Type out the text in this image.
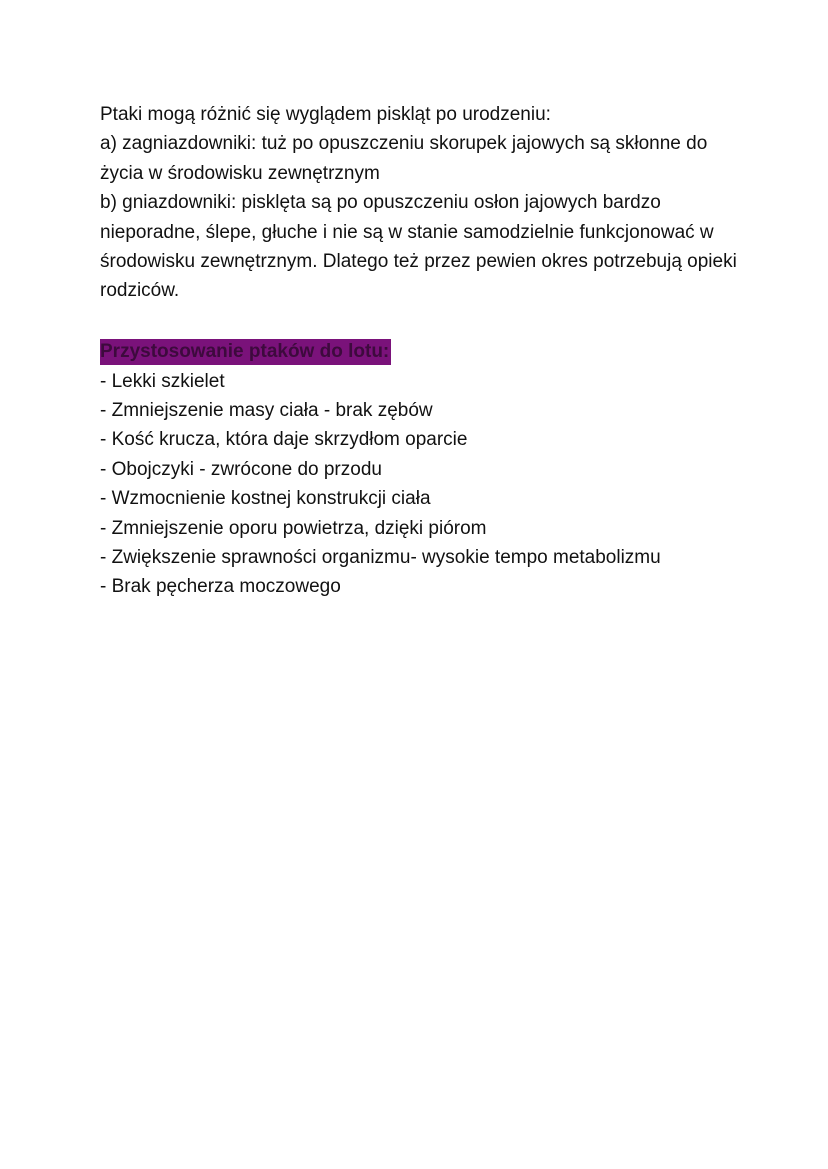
Ptaki mogą różnić się wyglądem piskląt po urodzeniu:
a) zagniazdowniki: tuż po opuszczeniu skorupek jajowych są skłonne do
życia w środowisku zewnętrznym
b) gniazdowniki: pisklęta są po opuszczeniu osłon jajowych bardzo
nieporadne, ślepe, głuche i nie są w stanie samodzielnie funkcjonować w
środowisku zewnętrznym. Dlatego też przez pewien okres potrzebują opieki
rodziców.
Przystosowanie ptaków do lotu:
- Lekki szkielet
- Zmniejszenie masy ciała - brak zębów
- Kość krucza, która daje skrzydłom oparcie
- Obojczyki - zwrócone do przodu
- Wzmocnienie kostnej konstrukcji ciała
- Zmniejszenie oporu powietrza, dzięki piórom
- Zwiększenie sprawności organizmu- wysokie tempo metabolizmu
- Brak pęcherza moczowego
